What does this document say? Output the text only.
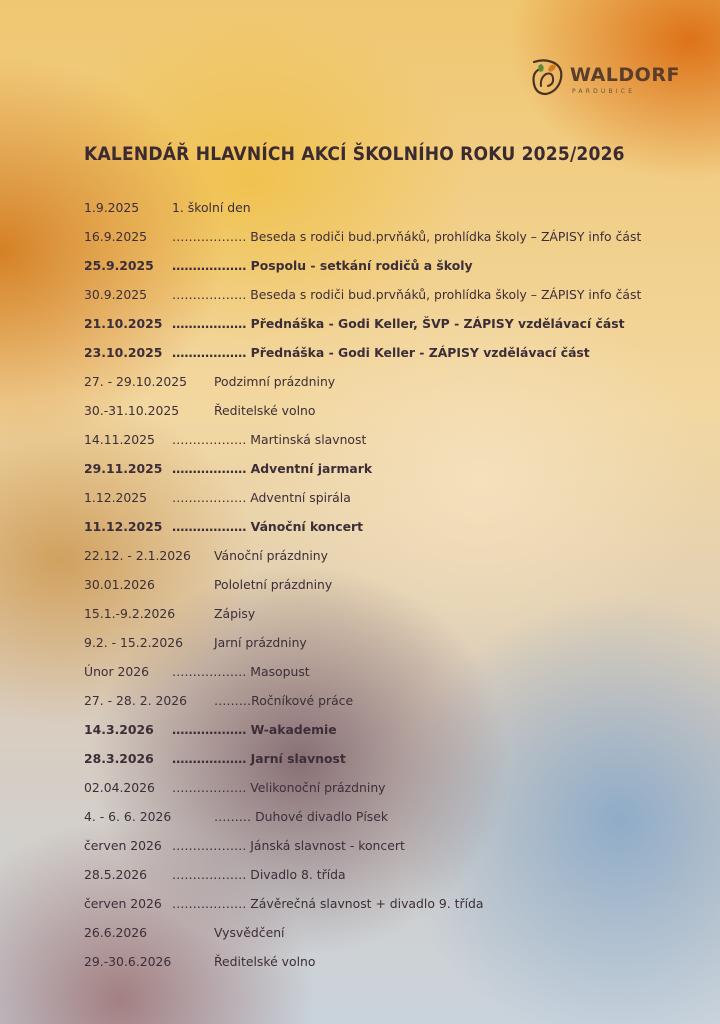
WALDORF
PARDUBICE
KALENDÁŘ HLAVNÍCH AKCÍ ŠKOLNÍHO ROKU 2025/2026
1.9.2025	1. školní den
16.9.2025 ……………… Beseda s rodiči bud.prvňáků, prohlídka školy – ZÁPISY info část
25.9.2025 ……………… Pospolu - setkání rodičů a školy
30.9.2025 ……………… Beseda s rodiči bud.prvňáků, prohlídka školy – ZÁPISY info část
21.10.2025 ……………… Přednáška - Godi Keller, ŠVP - ZÁPISY vzdělávací část
23.10.2025 ……………… Přednáška - Godi Keller - ZÁPISY vzdělávací část
27. - 29.10.2025 Podzimní prázdniny
30.-31.10.2025	Ředitelské volno
14.11.2025 ……………… Martinská slavnost
29.11.2025 ……………… Adventní jarmark
1.12.2025 ……………… Adventní spirála
11.12.2025 ……………… Vánoční koncert
22.12. - 2.1.2026 Vánoční prázdniny
30.01.2026	Pololetní prázdniny
15.1.-9.2.2026	Zápisy
9.2. - 15.2.2026 Jarní prázdniny
Únor 2026 ……………… Masopust
27. - 28. 2. 2026 ………Ročníkové práce
14.3.2026 ……………… W-akademie
28.3.2026 ……………… Jarní slavnost
02.04.2026 ……………… Velikonoční prázdniny
4. - 6. 6. 2026	……… Duhové divadlo Písek
červen 2026 ……………… Jánská slavnost - koncert
28.5.2026 ……………… Divadlo 8. třída
červen 2026 ……………… Závěrečná slavnost + divadlo 9. třída
26.6.2026	Vysvědčení
29.-30.6.2026	Ředitelské volno
